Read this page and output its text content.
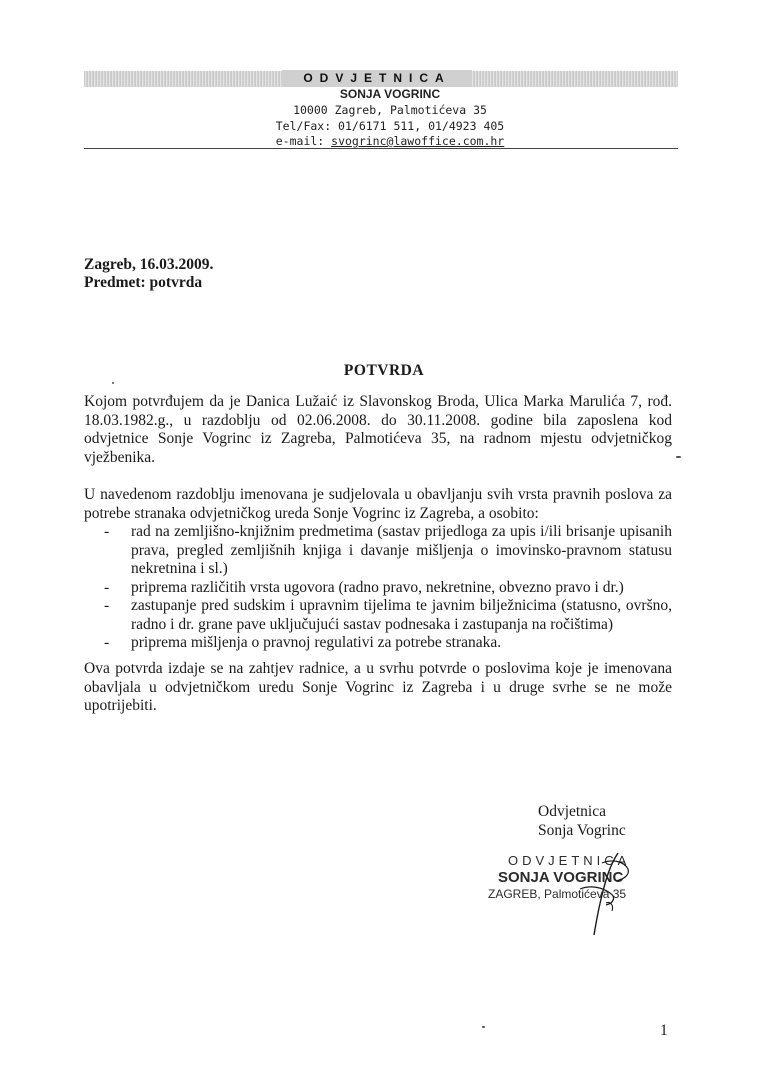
ODVJETNICA
SONJA VOGRINC
10000 Zagreb, Palmotićeva 35
Tel/Fax: 01/6171 511, 01/4923 405
e-mail: svogrinc@lawoffice.com.hr
Zagreb, 16.03.2009.
Predmet: potvrda
POTVRDA
Kojom potvrđujem da je Danica Lužaić iz Slavonskog Broda, Ulica Marka Marulića 7, rođ. 18.03.1982.g., u razdoblju od 02.06.2008. do 30.11.2008. godine bila zaposlena kod odvjetnice Sonje Vogrinc iz Zagreba, Palmotićeva 35, na radnom mjestu odvjetničkog vježbenika.
U navedenom razdoblju imenovana je sudjelovala u obavljanju svih vrsta pravnih poslova za potrebe stranaka odvjetničkog ureda Sonje Vogrinc iz Zagreba, a osobito:
- rad na zemljišno-knjižnim predmetima (sastav prijedloga za upis i/ili brisanje upisanih prava, pregled zemljišnih knjiga i davanje mišljenja o imovinsko-pravnom statusu nekretnina i sl.)
- priprema različitih vrsta ugovora (radno pravo, nekretnine, obvezno pravo i dr.)
- zastupanje pred sudskim i upravnim tijelima te javnim bilježnicima (statusno, ovršno, radno i dr. grane pave uključujući sastav podnesaka i zastupanja na ročištima)
- priprema mišljenja o pravnoj regulativi za potrebe stranaka.
Ova potvrda izdaje se na zahtjev radnice, a u svrhu potvrde o poslovima koje je imenovana obavljala u odvjetničkom uredu Sonje Vogrinc iz Zagreba i u druge svrhe se ne može upotrijebiti.
Odvjetnica
Sonja Vogrinc
ODVJETNICA
SONJA VOGRINC
ZAGREB, Palmotićeva 35
1
